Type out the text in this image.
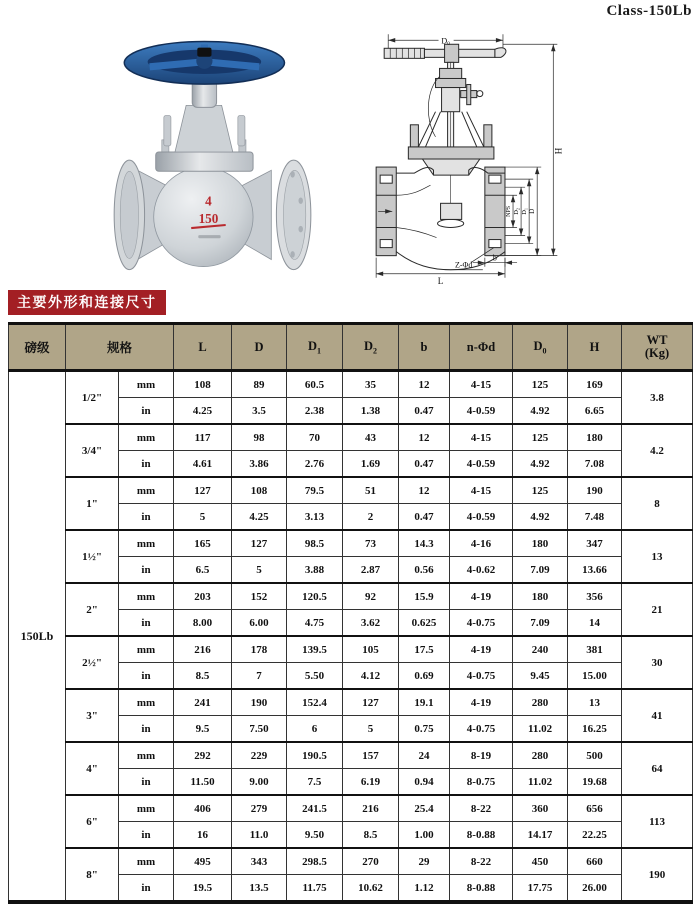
Class-150Lb
4
150
D0
H
NPS $D_2$
$D_1$ D
Z-Φd
b
L
主要外形和连接尺寸
磅级	规格		L	D	$D_1$	$D_2$	b	n-Φd	$D_0$	H	WT
(Kg)

150Lb	1/2"	mm	108	89	60.5	35	12	4-15	125	169	3.8
		in	4.25	3.5	2.38	1.38	0.47	4-0.59	4.92	6.65	
	3/4"	mm	117	98	70	43	12	4-15	125	180	4.2
		in	4.61	3.86	2.76	1.69	0.47	4-0.59	4.92	7.08	
	1"	mm	127	108	79.5	51	12	4-15	125	190	8
		in	5	4.25	3.13	2	0.47	4-0.59	4.92	7.48	
	1½"	mm	165	127	98.5	73	14.3	4-16	180	347	13
		in	6.5	5	3.88	2.87	0.56	4-0.62	7.09	13.66	
	2"	mm	203	152	120.5	92	15.9	4-19	180	356	21
		in	8.00	6.00	4.75	3.62	0.625	4-0.75	7.09	14	
	2½"	mm	216	178	139.5	105	17.5	4-19	240	381	30
		in	8.5	7	5.50	4.12	0.69	4-0.75	9.45	15.00	
	3"	mm	241	190	152.4	127	19.1	4-19	280	13	41
		in	9.5	7.50	6	5	0.75	4-0.75	11.02	16.25	
	4"	mm	292	229	190.5	157	24	8-19	280	500	64
		in	11.50	9.00	7.5	6.19	0.94	8-0.75	11.02	19.68	
	6"	mm	406	279	241.5	216	25.4	8-22	360	656	113
		in	16	11.0	9.50	8.5	1.00	8-0.88	14.17	22.25	
	8"	mm	495	343	298.5	270	29	8-22	450	660	190
		in	19.5	13.5	11.75	10.62	1.12	8-0.88	17.75	26.00	
